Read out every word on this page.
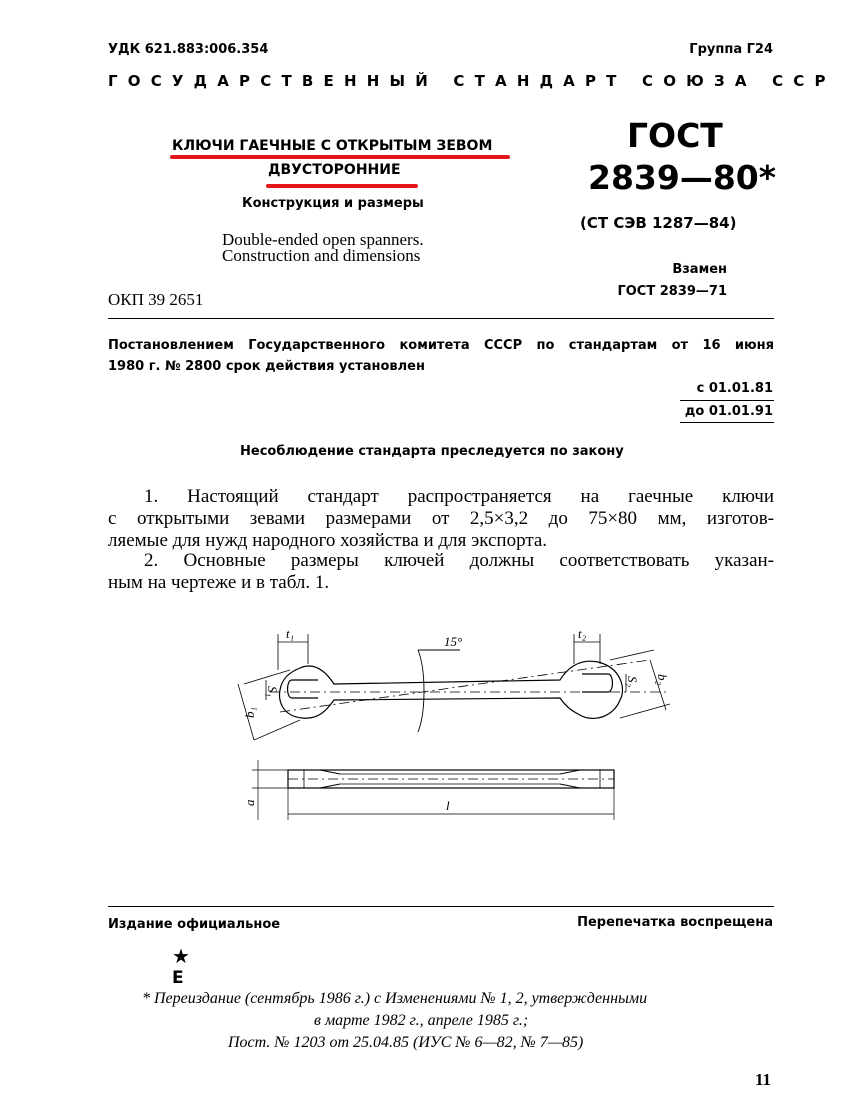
УДК 621.883:006.354	Группа Г24
ГОСУДАРСТВЕННЫЙ СТАНДАРТ СОЮЗА ССР
КЛЮЧИ ГАЕЧНЫЕ С ОТКРЫТЫМ ЗЕВОМ
ДВУСТОРОННИЕ
Конструкция и размеры
Double-ended open spanners.
Construction and dimensions
ОКП 39 2651
ГОСТ
2839—80*
(СТ СЭВ 1287—84)
Взамен
ГОСТ 2839—71
Постановлением Государственного комитета СССР по стандартам от 16 июня
1980 г. № 2800 срок действия установлен
с 01.01.81
до 01.01.91
Несоблюдение стандарта преследуется по закону
1. Настоящий стандарт распространяется на гаечные ключи
с открытыми зевами размерами от 2,5×3,2 до 75×80 мм, изготов-
ляемые для нужд народного хозяйства и для экспорта.
2. Основные размеры ключей должны соответствовать указан-
ным на чертеже и в табл. 1.
15°
t₁	t₂
S₁
S₂
b₁
b₂
a	l
Издание официальное	Перепечатка воспрещена
★
Е
* Переиздание (сентябрь 1986 г.) с Изменениями № 1, 2, утвержденными
в марте 1982 г., апреле 1985 г.;
Пост. № 1203 от 25.04.85 (ИУС № 6—82, № 7—85)
11
